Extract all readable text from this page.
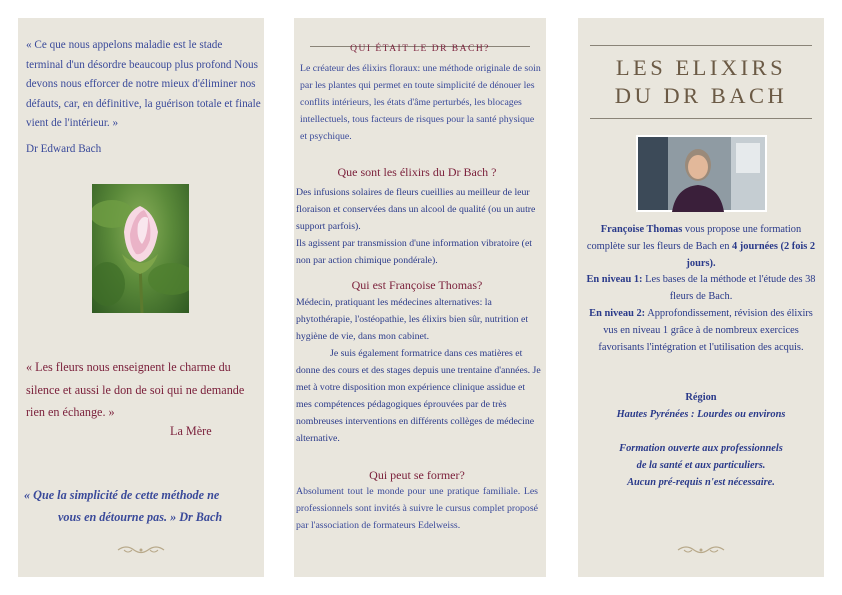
« Ce que nous appelons maladie est le stade terminal d'un désordre beaucoup plus profond Nous devons nous efforcer de notre mieux d'éliminer nos défauts, car, en définitive, la guérison totale et finale vient de l'intérieur. »
Dr Edward Bach
« Les fleurs nous enseignent le charme du silence et aussi le don de soi qui ne demande rien en échange. »
La Mère
« Que la simplicité de cette méthode ne
vous en détourne pas. » Dr Bach
QUI ÉTAIT LE DR BACH?
Le créateur des élixirs floraux: une méthode originale de soin par les plantes qui permet en toute simplicité de dénouer les conflits intérieurs, les états d'âme perturbés, les blocages intellectuels, tous facteurs de risques pour la santé physique et psychique.
Que sont les élixirs du Dr Bach ?
Des infusions solaires de fleurs cueillies au meilleur de leur floraison et conservées dans un alcool de qualité (ou un autre support parfois).
Ils agissent par transmission d'une information vibratoire (et non par action chimique pondérale).
Qui est Françoise Thomas?
Médecin, pratiquant les médecines alternatives: la phytothérapie, l'ostéopathie, les élixirs bien sûr, nutrition et hygiène de vie, dans mon cabinet.
Je suis également formatrice dans ces matières et donne des cours et des stages depuis une trentaine d'années. Je met à votre disposition mon expérience clinique assidue et mes compétences pédagogiques éprouvées par de très nombreuses interventions en différents collèges de médecine alternative.
Qui peut se former?
Absolument tout le monde pour une pratique familiale. Les professionnels sont invités à suivre le cursus complet proposé par l'association de formateurs Edelweiss.
LES ELIXIRS
DU DR BACH
Françoise Thomas vous propose une formation complète sur les fleurs de Bach en 4 journées (2 fois 2 jours).
En niveau 1: Les bases de la méthode et l'étude des 38 fleurs de Bach.
En niveau 2: Approfondissement, révision des élixirs vus en niveau 1 grâce à de nombreux exercices favorisants l'intégration et l'utilisation des acquis.
Région
Hautes Pyrénées : Lourdes ou environs
Formation ouverte aux professionnels
de la santé et aux particuliers.
Aucun pré-requis n'est nécessaire.
